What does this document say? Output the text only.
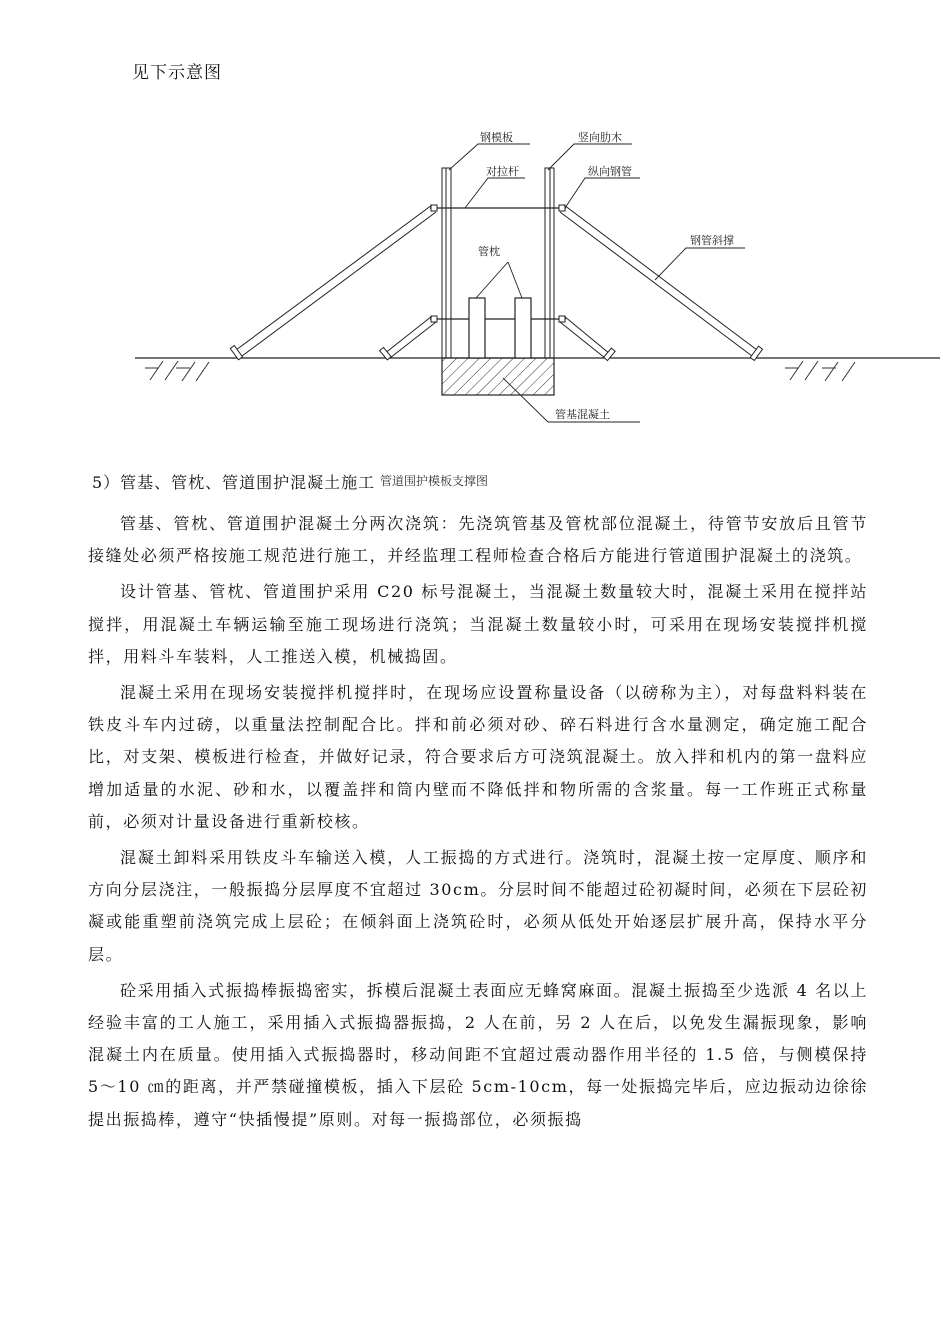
见下示意图
钢模板	竖向肋木
对拉杆	纵向钢管
钢管斜撑
管枕
管基混凝土
5）管基、管枕、管道围护混凝土施工 管道围护模板支撑图

管基、管枕、管道围护混凝土分两次浇筑：先浇筑管基及管枕部位混凝土，待管节安放后且管节接缝处必须严格按施工规范进行施工，并经监理工程师检查合格后方能进行管道围护混凝土的浇筑。

设计管基、管枕、管道围护采用 C20 标号混凝土，当混凝土数量较大时，混凝土采用在搅拌站搅拌，用混凝土车辆运输至施工现场进行浇筑；当混凝土数量较小时，可采用在现场安装搅拌机搅拌，用料斗车装料，人工推送入模，机械捣固。

混凝土采用在现场安装搅拌机搅拌时，在现场应设置称量设备（以磅称为主），对每盘料料装在铁皮斗车内过磅，以重量法控制配合比。拌和前必须对砂、碎石料进行含水量测定，确定施工配合比，对支架、模板进行检查，并做好记录，符合要求后方可浇筑混凝土。放入拌和机内的第一盘料应增加适量的水泥、砂和水，以覆盖拌和筒内壁而不降低拌和物所需的含浆量。每一工作班正式称量前，必须对计量设备进行重新校核。

混凝土卸料采用铁皮斗车输送入模，人工振捣的方式进行。浇筑时，混凝土按一定厚度、顺序和方向分层浇注，一般振捣分层厚度不宜超过 30cm。分层时间不能超过砼初凝时间，必须在下层砼初凝或能重塑前浇筑完成上层砼；在倾斜面上浇筑砼时，必须从低处开始逐层扩展升高，保持水平分层。

砼采用插入式振捣棒振捣密实，拆模后混凝土表面应无蜂窝麻面。混凝土振捣至少选派 4 名以上经验丰富的工人施工，采用插入式振捣器振捣，2 人在前，另 2 人在后，以免发生漏振现象，影响混凝土内在质量。使用插入式振捣器时，移动间距不宜超过震动器作用半径的 1.5 倍，与侧模保持 5～10 ㎝的距离，并严禁碰撞模板，插入下层砼 5cm-10cm，每一处振捣完毕后，应边振动边徐徐提出振捣棒，遵守“快插慢提”原则。对每一振捣部位，必须振捣
